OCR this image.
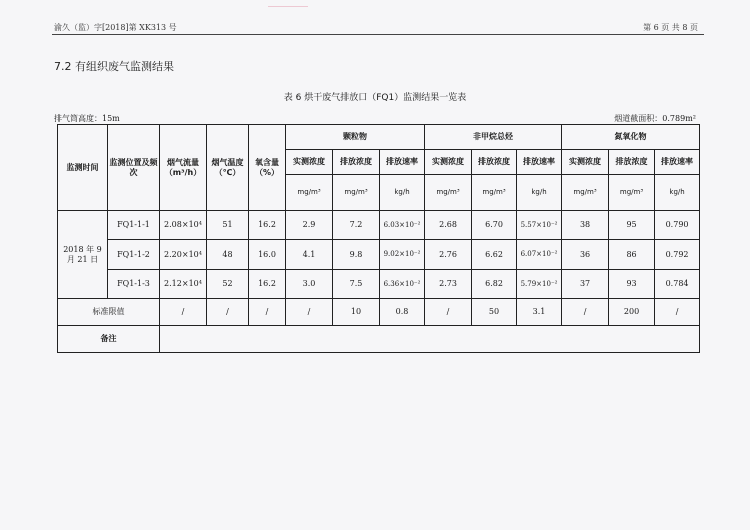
渝久（监）字[2018]第 XK313 号	第 6 页 共 8 页
7.2 有组织废气监测结果
表 6 烘干废气排放口（FQ1）监测结果一览表
排气筒高度：15m	烟道截面积：0.789m²
监测时间	监测位置及频次	烟气流量（m³/h）	烟气温度（℃）	氧含量（%）	颗粒物			非甲烷总烃			氮氧化物		
					实测浓度	排放浓度	排放速率	实测浓度	排放浓度	排放速率	实测浓度	排放浓度	排放速率
					mg/m³	mg/m³	kg/h	mg/m³	mg/m³	kg/h	mg/m³	mg/m³	kg/h
2018 年 9 月 21 日	FQ1-1-1	2.08×10⁴	51	16.2	2.9	7.2	6.03×10⁻²	2.68	6.70	5.57×10⁻²	38	95	0.790
	FQ1-1-2	2.20×10⁴	48	16.0	4.1	9.8	9.02×10⁻²	2.76	6.62	6.07×10⁻²	36	86	0.792
	FQ1-1-3	2.12×10⁴	52	16.2	3.0	7.5	6.36×10⁻²	2.73	6.82	5.79×10⁻²	37	93	0.784
标准限值		/	/	/	/	10	0.8	/	50	3.1	/	200	/
备注													
